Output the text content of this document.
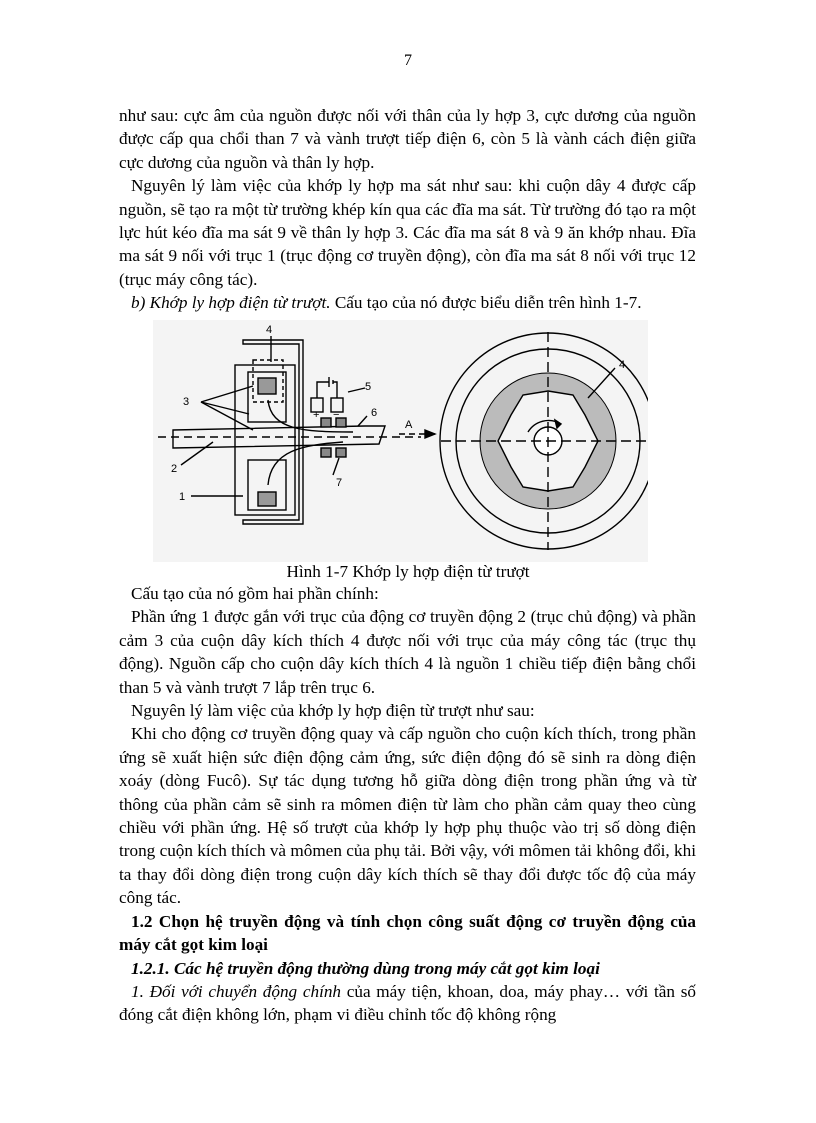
7

như sau: cực âm của nguồn được nối với thân của ly hợp 3, cực dương của nguồn được cấp qua chổi than 7 và vành trượt tiếp điện 6, còn 5 là vành cách điện giữa cực dương của nguồn và thân ly hợp.

Nguyên lý làm việc của khớp ly hợp ma sát như sau: khi cuộn dây 4 được cấp nguồn, sẽ tạo ra một từ trường khép kín qua các đĩa ma sát. Từ trường đó tạo ra một lực hút kéo đĩa ma sát 9 về thân ly hợp 3. Các đĩa ma sát 8 và 9 ăn khớp nhau. Đĩa ma sát 9 nối với trục 1 (trục động cơ truyền động), còn đĩa ma sát 8 nối với trục 12 (trục máy công tác).

b) Khớp ly hợp điện từ trượt. Cấu tạo của nó được biểu diễn trên hình 1-7.

4
3
2
1
5
6
7
+ −
A
4
Hình 1-7 Khớp ly hợp điện từ trượt

Cấu tạo của nó gồm hai phần chính:

Phần ứng 1 được gắn với trục của động cơ truyền động 2 (trục chủ động) và phần cảm 3 của cuộn dây kích thích 4 được nối với trục của máy công tác (trục thụ động). Nguồn cấp cho cuộn dây kích thích 4 là nguồn 1 chiều tiếp điện bằng chổi than 5 và vành trượt 7 lắp trên trục 6.

Nguyên lý làm việc của khớp ly hợp điện từ trượt như sau:

Khi cho động cơ truyền động quay và cấp nguồn cho cuộn kích thích, trong phần ứng sẽ xuất hiện sức điện động cảm ứng, sức điện động đó sẽ sinh ra dòng điện xoáy (dòng Fucô). Sự tác dụng tương hỗ giữa dòng điện trong phần ứng và từ thông của phần cảm sẽ sinh ra mômen điện từ làm cho phần cảm quay theo cùng chiều với phần ứng. Hệ số trượt của khớp ly hợp phụ thuộc vào trị số dòng điện trong cuộn kích thích và mômen của phụ tải. Bởi vậy, với mômen tải không đổi, khi ta thay đổi dòng điện trong cuộn dây kích thích sẽ thay đổi được tốc độ của máy công tác.

1.2 Chọn hệ truyền động và tính chọn công suất động cơ truyền động của máy cắt gọt kim loại

1.2.1. Các hệ truyền động thường dùng trong máy cắt gọt kim loại

1. Đối với chuyển động chính của máy tiện, khoan, doa, máy phay… với tần số đóng cắt điện không lớn, phạm vi điều chỉnh tốc độ không rộng
